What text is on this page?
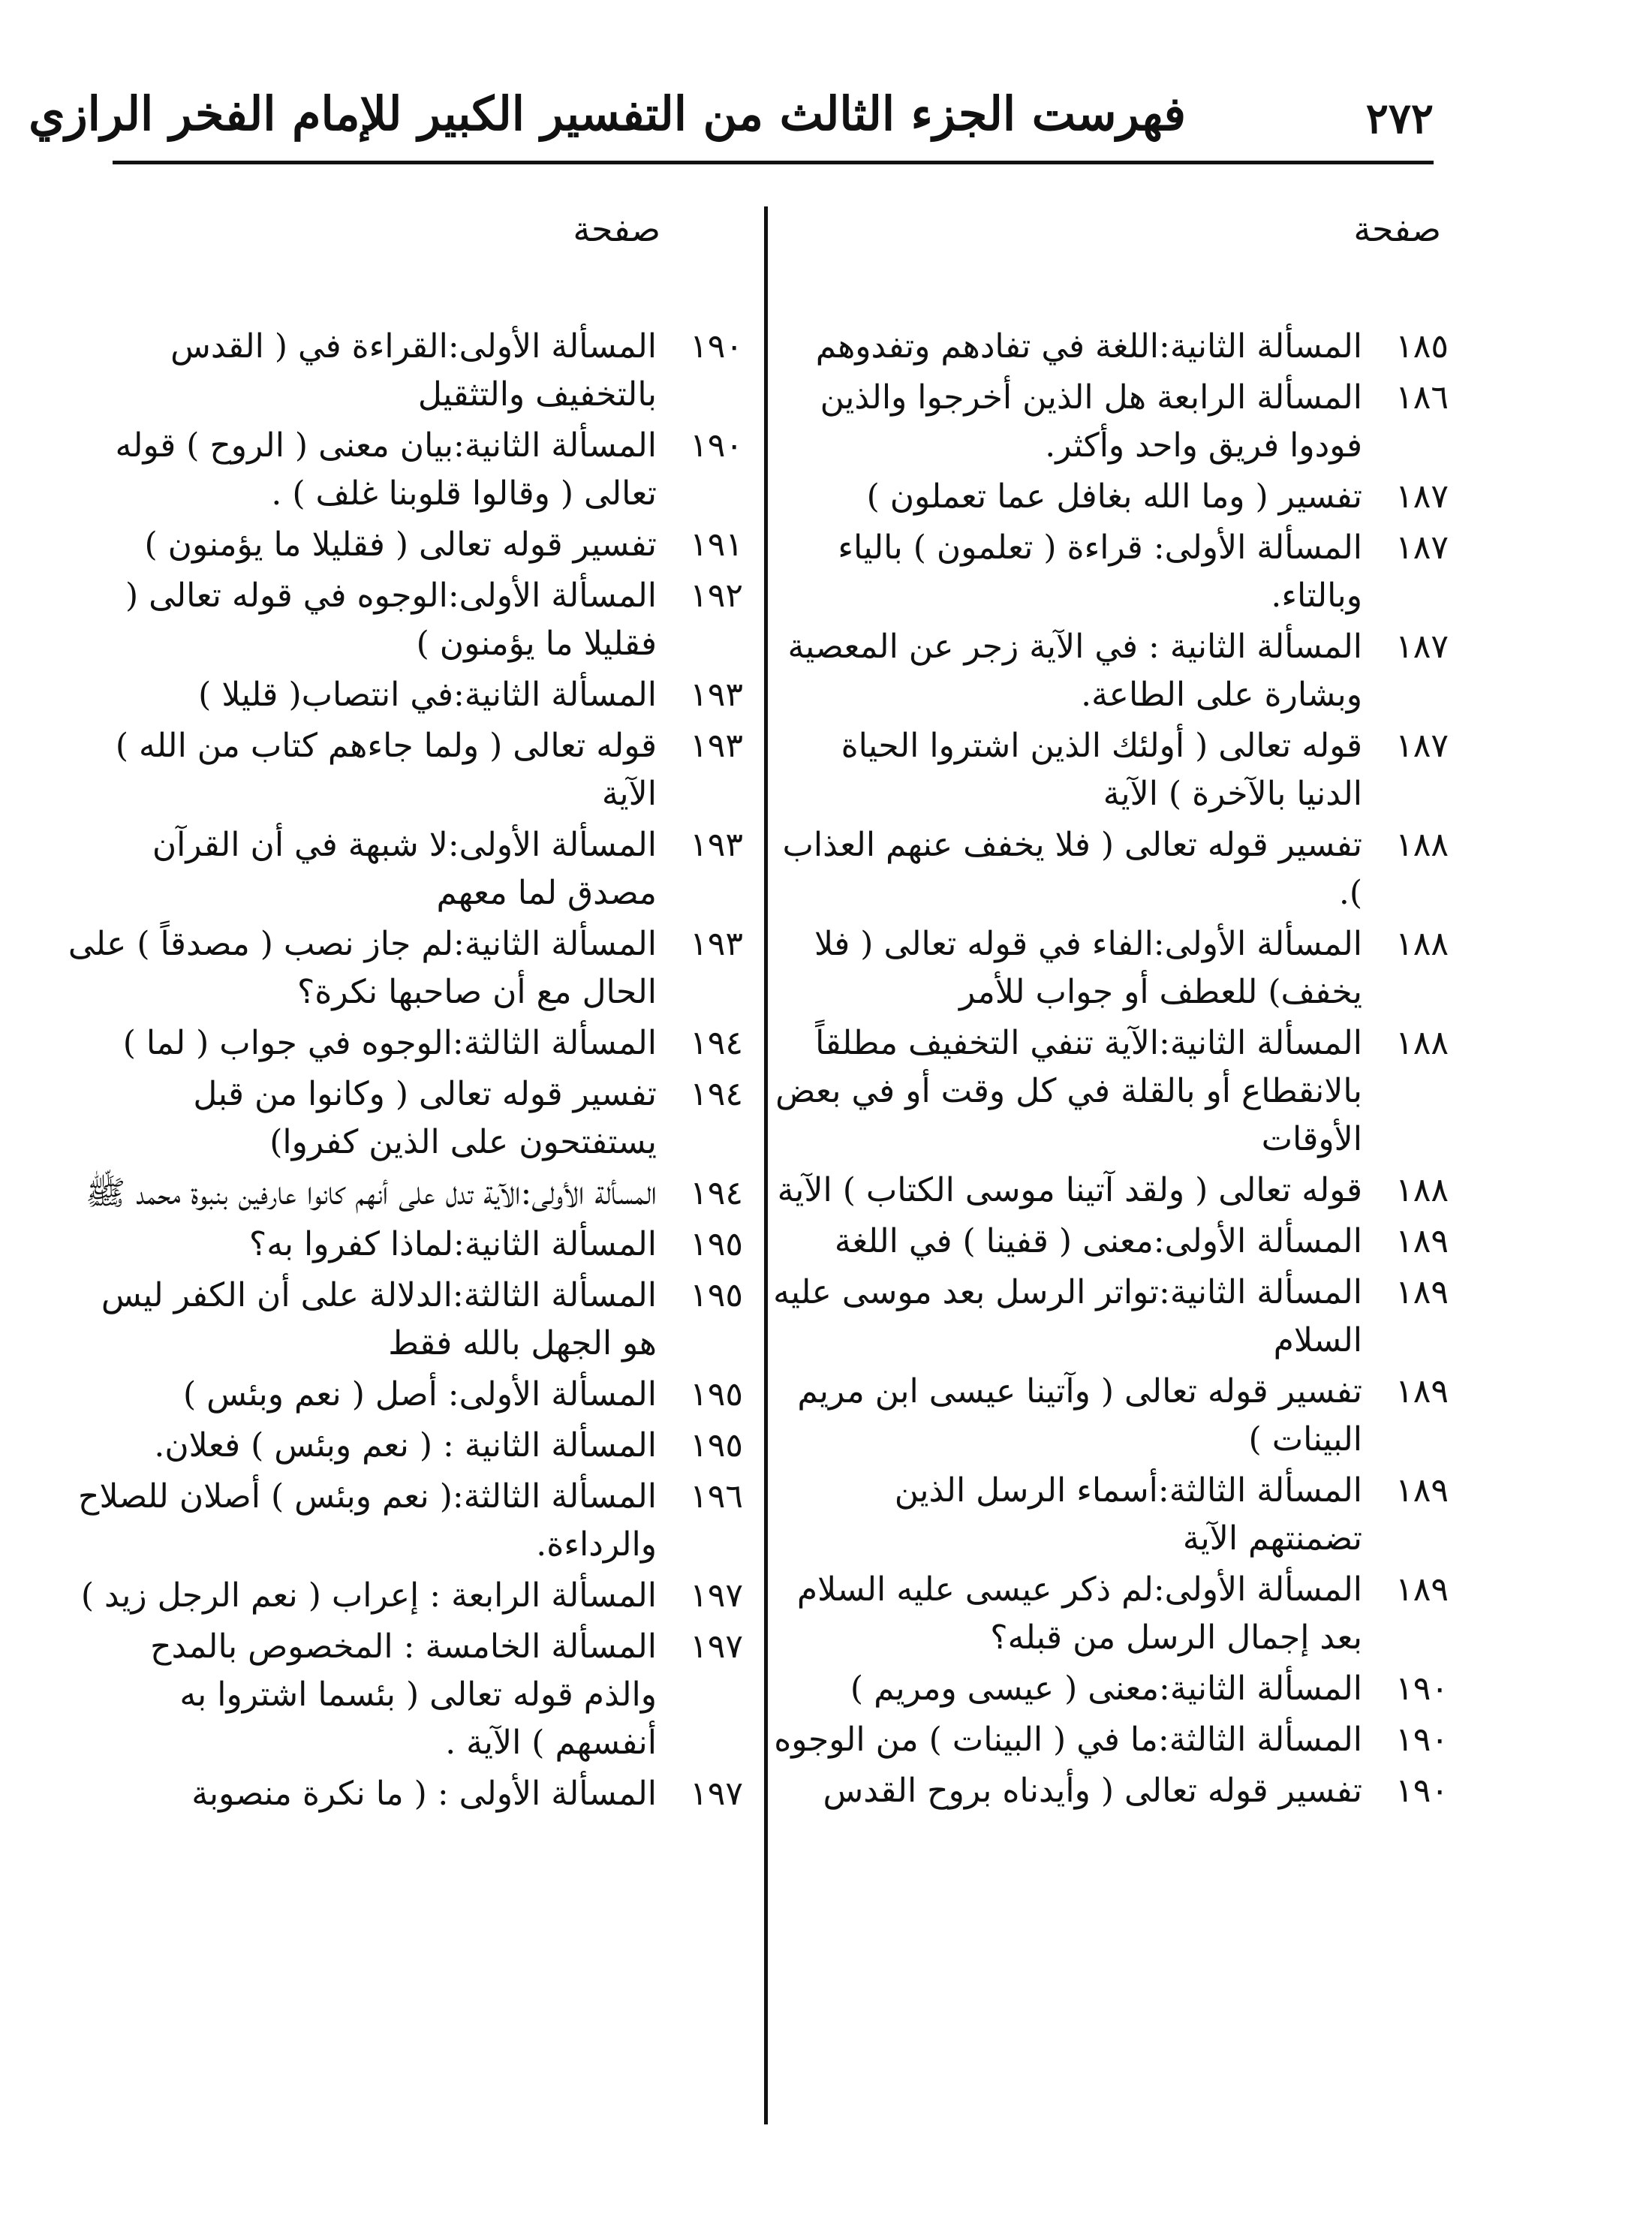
٢٧٢
فهرست الجزء الثالث من التفسير الكبير للإمام الفخر الرازي
صفحة
١٨٥
المسألة الثانية:اللغة في تفادهم وتفدوهم
١٨٦
المسألة الرابعة هل الذين أخرجوا والذين فودوا فريق واحد وأكثر.
١٨٧
تفسير ( وما الله بغافل عما تعملون )
١٨٧
المسألة الأولى: قراءة ( تعلمون ) بالياء وبالتاء.
١٨٧
المسألة الثانية : في الآية زجر عن المعصية وبشارة على الطاعة.
١٨٧
قوله تعالى ( أولئك الذين اشتروا الحياة الدنيا بالآخرة ) الآية
١٨٨
تفسير قوله تعالى ( فلا يخفف عنهم العذاب ).
١٨٨
المسألة الأولى:الفاء في قوله تعالى ( فلا يخفف) للعطف أو جواب للأمر
١٨٨
المسألة الثانية:الآية تنفي التخفيف مطلقاً بالانقطاع أو بالقلة في كل وقت أو في بعض الأوقات
١٨٨
قوله تعالى ( ولقد آتينا موسى الكتاب ) الآية
١٨٩
المسألة الأولى:معنى ( قفينا ) في اللغة
١٨٩
المسألة الثانية:تواتر الرسل بعد موسى عليه السلام
١٨٩
تفسير قوله تعالى ( وآتينا عيسى ابن مريم البينات )
١٨٩
المسألة الثالثة:أسماء الرسل الذين تضمنتهم الآية
١٨٩
المسألة الأولى:لم ذكر عيسى عليه السلام بعد إجمال الرسل من قبله؟
١٩٠
المسألة الثانية:معنى ( عيسى ومريم )
١٩٠
المسألة الثالثة:ما في ( البينات ) من الوجوه
١٩٠
تفسير قوله تعالى ( وأيدناه بروح القدس
صفحة
١٩٠
المسألة الأولى:القراءة في ( القدس بالتخفيف والتثقيل
١٩٠
المسألة الثانية:بيان معنى ( الروح ) قوله تعالى ( وقالوا قلوبنا غلف ) .
١٩١
تفسير قوله تعالى ( فقليلا ما يؤمنون )
١٩٢
المسألة الأولى:الوجوه في قوله تعالى ( فقليلا ما يؤمنون )
١٩٣
المسألة الثانية:في انتصاب( قليلا )
١٩٣
قوله تعالى ( ولما جاءهم كتاب من الله ) الآية
١٩٣
المسألة الأولى:لا شبهة في أن القرآن مصدق لما معهم
١٩٣
المسألة الثانية:لم جاز نصب ( مصدقاً ) على الحال مع أن صاحبها نكرة؟
١٩٤
المسألة الثالثة:الوجوه في جواب ( لما )
١٩٤
تفسير قوله تعالى ( وكانوا من قبل يستفتحون على الذين كفروا)
١٩٤
المسألة الأولى:الآية تدل على أنهم كانوا عارفين بنبوة محمد ﷺ
١٩٥
المسألة الثانية:لماذا كفروا به؟
١٩٥
المسألة الثالثة:الدلالة على أن الكفر ليس هو الجهل بالله فقط
١٩٥
المسألة الأولى: أصل ( نعم وبئس )
١٩٥
المسألة الثانية : ( نعم وبئس ) فعلان.
١٩٦
المسألة الثالثة:( نعم وبئس ) أصلان للصلاح والرداءة.
١٩٧
المسألة الرابعة : إعراب ( نعم الرجل زيد )
١٩٧
المسألة الخامسة : المخصوص بالمدح والذم قوله تعالى ( بئسما اشتروا به أنفسهم ) الآية .
١٩٧
المسألة الأولى : ( ما نكرة منصوبة
